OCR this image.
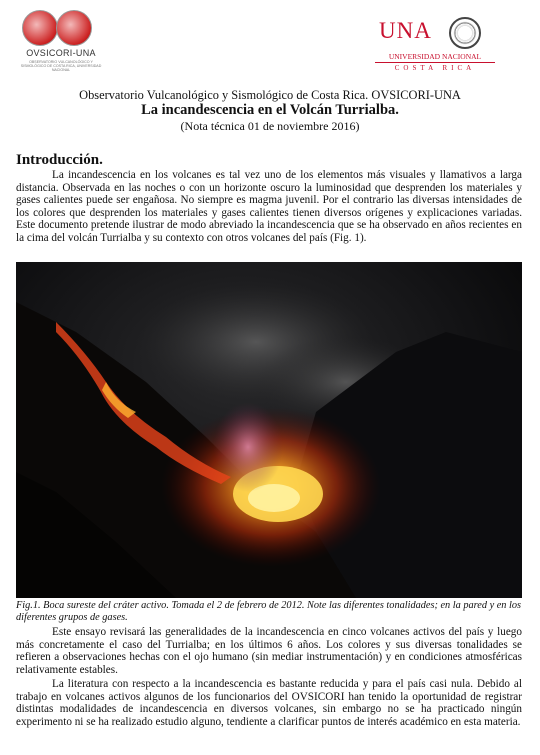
OVSICORI-UNA
OBSERVATORIO VULCANOLÓGICO Y SISMOLÓGICO DE COSTA RICA, UNIVERSIDAD NACIONAL
UNA
UNIVERSIDAD NACIONAL
COSTA RICA
Observatorio Vulcanológico y Sismológico de Costa Rica. OVSICORI-UNA
La incandescencia en el Volcán Turrialba.
(Nota técnica 01 de noviembre 2016)
Introducción.
La incandescencia en los volcanes es tal vez uno de los elementos más visuales y llamativos a larga distancia. Observada en las noches o con un horizonte oscuro la luminosidad que desprenden los materiales y gases calientes puede ser engañosa. No siempre es magma juvenil. Por el contrario las diversas intensidades de los colores que desprenden los materiales y gases calientes tienen diversos orígenes y explicaciones variadas. Este documento pretende ilustrar de modo abreviado la incandescencia que se ha observado en años recientes en la cima del volcán Turrialba y su contexto con otros volcanes del país (Fig. 1).
Fig.1. Boca sureste del cráter activo. Tomada el 2 de febrero de 2012. Note las diferentes tonalidades; en la pared y en los diferentes grupos de gases.
Este ensayo revisará las generalidades de la incandescencia en cinco volcanes activos del país y luego más concretamente el caso del Turrialba; en los últimos 6 años. Los colores y sus diversas tonalidades se refieren a observaciones hechas con el ojo humano (sin mediar instrumentación) y en condiciones atmosféricas relativamente estables.
La literatura con respecto a la incandescencia es bastante reducida y para el país casi nula. Debido al trabajo en volcanes activos algunos de los funcionarios del OVSICORI han tenido la oportunidad de registrar distintas modalidades de incandescencia en diversos volcanes, sin embargo no se ha practicado ningún experimento ni se ha realizado estudio alguno, tendiente a clarificar puntos de interés académico en esta materia.
